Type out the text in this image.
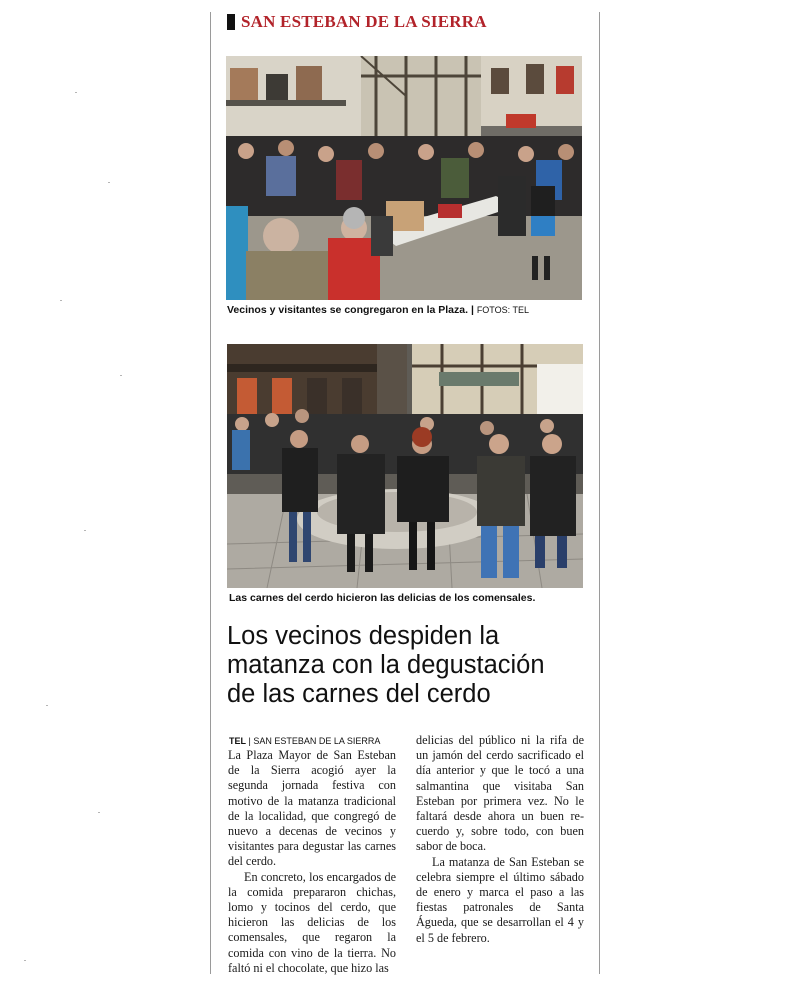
SAN ESTEBAN DE LA SIERRA
Vecinos y visitantes se congregaron en la Plaza. | FOTOS: TEL
Las carnes del cerdo hicieron las delicias de los comensales.
Los vecinos despiden la
matanza con la degustación
de las carnes del cerdo
TEL | SAN ESTEBAN DE LA SIERRA

La Plaza Mayor de San Esteban de la Sierra acogió ayer la segunda jornada festiva con motivo de la matanza tradicional de la localidad, que congregó de nuevo a decenas de vecinos y visitantes para degustar las carnes del cerdo.

En concreto, los encargados de la comida prepararon chichas, lomo y tocinos del cerdo, que hicieron las delicias de los comensales, que regaron la comida con vino de la tierra. No faltó ni el chocolate, que hizo las

delicias del público ni la rifa de un jamón del cerdo sacrificado el día anterior y que le tocó a una salmantina que visitaba San Esteban por primera vez. No le faltará desde ahora un buen recuerdo y, sobre todo, con buen sabor de boca.

La matanza de San Esteban se celebra siempre el último sábado de enero y marca el paso a las fiestas patronales de Santa Águeda, que se desarrollan el 4 y el 5 de febrero.
